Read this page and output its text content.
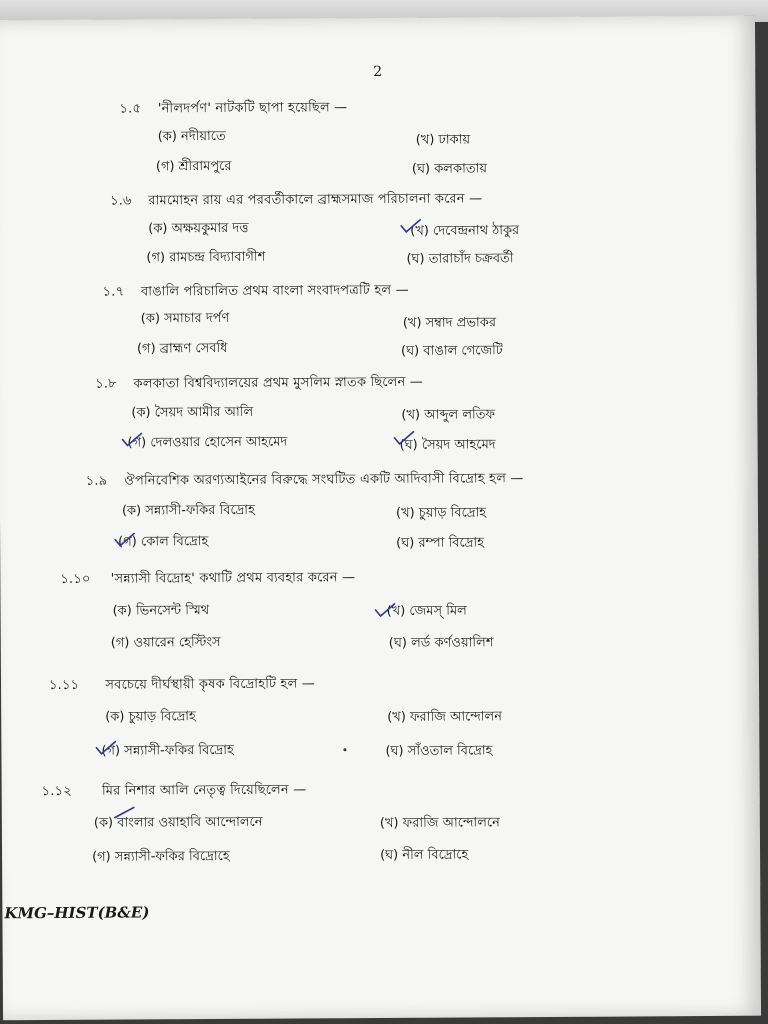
2
১.৫ 'নীলদর্পণ' নাটকটি ছাপা হয়েছিল —
(ক) নদীয়াতে	(খ) ঢাকায়
(গ) শ্রীরামপুরে	(ঘ) কলকাতায়
১.৬ রামমোহন রায় এর পরবর্তীকালে ব্রাহ্মসমাজ পরিচালনা করেন —
(ক) অক্ষয়কুমার দত্ত	(খ) দেবেন্দ্রনাথ ঠাকুর
(গ) রামচন্দ্র বিদ্যাবাগীশ	(ঘ) তারাচাঁদ চক্রবর্তী
১.৭ বাঙালি পরিচালিত প্রথম বাংলা সংবাদপত্রটি হল —
(ক) সমাচার দর্পণ	(খ) সম্বাদ প্রভাকর
(গ) ব্রাহ্মণ সেবধি	(ঘ) বাঙাল গেজেটি
১.৮ কলকাতা বিশ্ববিদ্যালয়ের প্রথম মুসলিম স্নাতক ছিলেন —
(ক) সৈয়দ আমীর আলি	(খ) আব্দুল লতিফ
(গ) দেলওয়ার হোসেন আহমেদ	(ঘ) সৈয়দ আহমেদ
১.৯ ঔপনিবেশিক অরণ্যআইনের বিরুদ্ধে সংঘটিত একটি আদিবাসী বিদ্রোহ হল —
(ক) সন্ন্যাসী-ফকির বিদ্রোহ	(খ) চুয়াড় বিদ্রোহ
(গ) কোল বিদ্রোহ	(ঘ) রম্পা বিদ্রোহ
১.১০ 'সন্ন্যাসী বিদ্রোহ' কথাটি প্রথম ব্যবহার করেন —
(ক) ভিনসেন্ট স্মিথ	(খ) জেমস্ মিল
(গ) ওয়ারেন হেস্টিংস	(ঘ) লর্ড কর্ণওয়ালিশ
১.১১ সবচেয়ে দীর্ঘস্থায়ী কৃষক বিদ্রোহটি হল —
(ক) চুয়াড় বিদ্রোহ	(খ) ফরাজি আন্দোলন
(গ) সন্ন্যাসী-ফকির বিদ্রোহ	(ঘ) সাঁওতাল বিদ্রোহ
১.১২ মির নিশার আলি নেতৃত্ব দিয়েছিলেন —
(ক) বাংলার ওয়াহাবি আন্দোলনে	(খ) ফরাজি আন্দোলনে
(গ) সন্ন্যাসী-ফকির বিদ্রোহে	(ঘ) নীল বিদ্রোহে
KMG–HIST(B&E)
